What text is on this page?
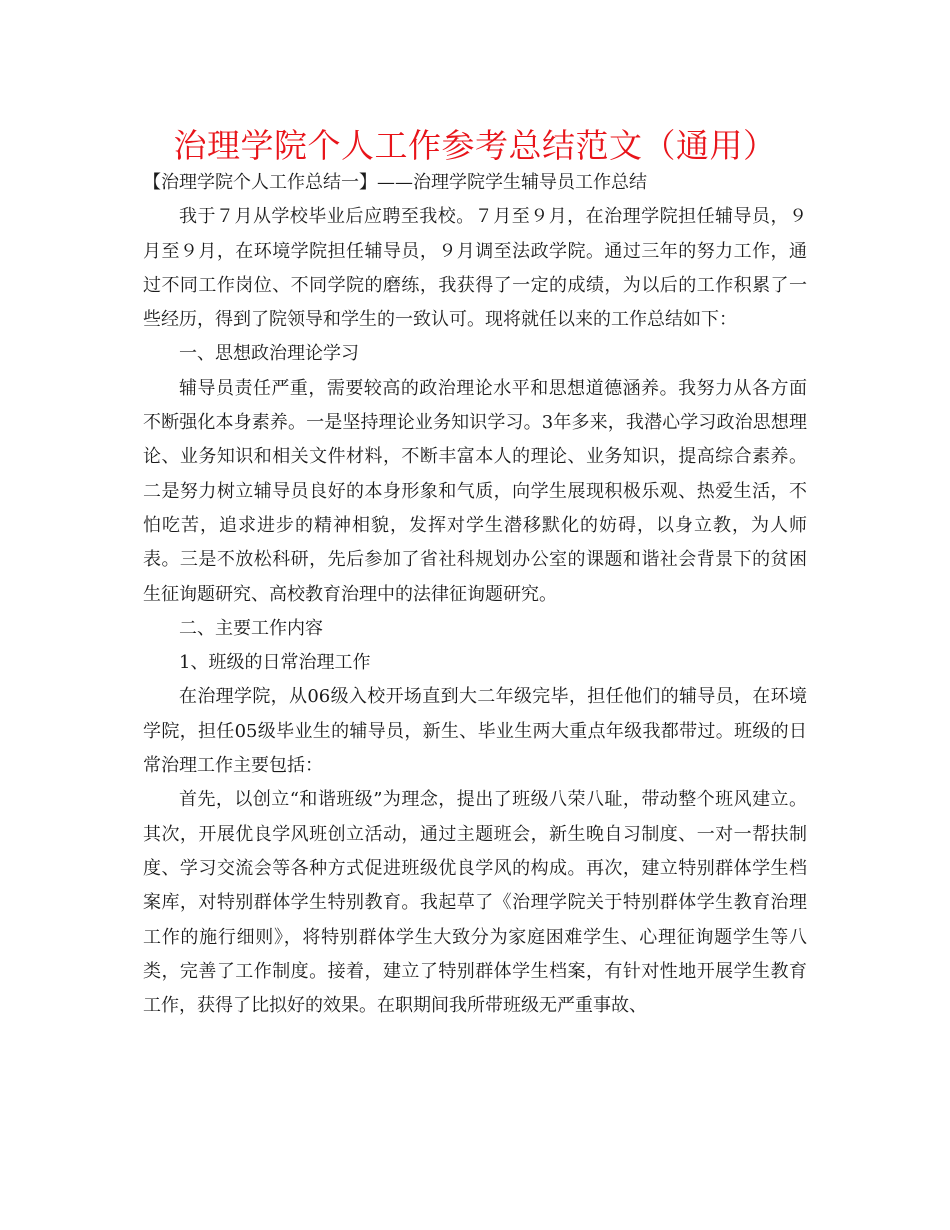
治理学院个人工作参考总结范文（通用）

【治理学院个人工作总结一】——治理学院学生辅导员工作总结

我于７月从学校毕业后应聘至我校。７月至９月，在治理学院担任辅导员，９月至９月，在环境学院担任辅导员，９月调至法政学院。通过三年的努力工作，通过不同工作岗位、不同学院的磨练，我获得了一定的成绩，为以后的工作积累了一些经历，得到了院领导和学生的一致认可。现将就任以来的工作总结如下：

一、思想政治理论学习

辅导员责任严重，需要较高的政治理论水平和思想道德涵养。我努力从各方面不断强化本身素养。一是坚持理论业务知识学习。3年多来，我潜心学习政治思想理论、业务知识和相关文件材料，不断丰富本人的理论、业务知识，提高综合素养。二是努力树立辅导员良好的本身形象和气质，向学生展现积极乐观、热爱生活，不怕吃苦，追求进步的精神相貌，发挥对学生潜移默化的妨碍，以身立教，为人师表。三是不放松科研，先后参加了省社科规划办公室的课题和谐社会背景下的贫困生征询题研究、高校教育治理中的法律征询题研究。

二、主要工作内容

1、班级的日常治理工作

在治理学院，从06级入校开场直到大二年级完毕，担任他们的辅导员，在环境学院，担任05级毕业生的辅导员，新生、毕业生两大重点年级我都带过。班级的日常治理工作主要包括：

首先，以创立“和谐班级”为理念，提出了班级八荣八耻，带动整个班风建立。其次，开展优良学风班创立活动，通过主题班会，新生晚自习制度、一对一帮扶制度、学习交流会等各种方式促进班级优良学风的构成。再次，建立特别群体学生档案库，对特别群体学生特别教育。我起草了《治理学院关于特别群体学生教育治理工作的施行细则》，将特别群体学生大致分为家庭困难学生、心理征询题学生等八类，完善了工作制度。接着，建立了特别群体学生档案，有针对性地开展学生教育工作，获得了比拟好的效果。在职期间我所带班级无严重事故、
